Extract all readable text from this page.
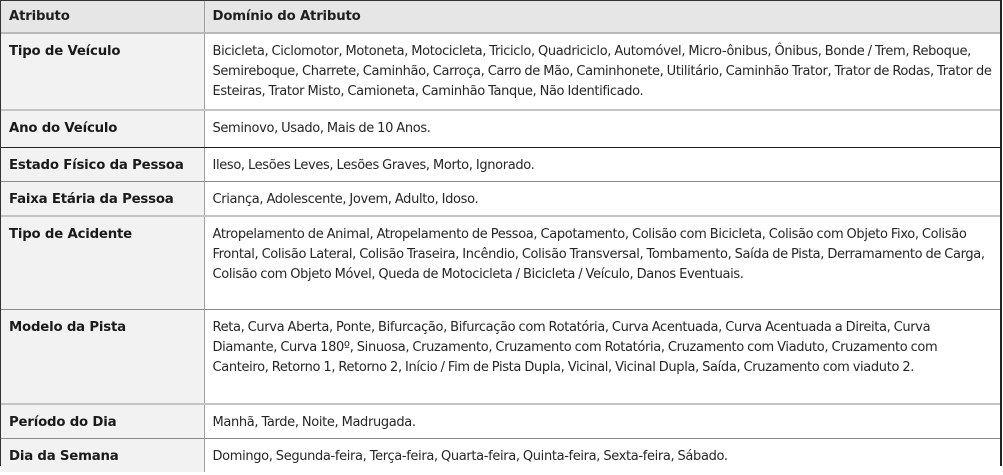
Atributo	Domínio do Atributo
Tipo de Veículo	Bicicleta, Ciclomotor, Motoneta, Motocicleta, Triciclo, Quadriciclo, Automóvel, Micro-ônibus, Ônibus, Bonde / Trem, Reboque, Semireboque, Charrete, Caminhão, Carroça, Carro de Mão, Caminhonete, Utilitário, Caminhão Trator, Trator de Rodas, Trator de Esteiras, Trator Misto, Camioneta, Caminhão Tanque, Não Identificado.
Ano do Veículo	Seminovo, Usado, Mais de 10 Anos.
Estado Físico da Pessoa	Ileso, Lesões Leves, Lesões Graves, Morto, Ignorado.
Faixa Etária da Pessoa	Criança, Adolescente, Jovem, Adulto, Idoso.
Tipo de Acidente	Atropelamento de Animal, Atropelamento de Pessoa, Capotamento, Colisão com Bicicleta, Colisão com Objeto Fixo, Colisão Frontal, Colisão Lateral, Colisão Traseira, Incêndio, Colisão Transversal, Tombamento, Saída de Pista, Derramamento de Carga, Colisão com Objeto Móvel, Queda de Motocicleta / Bicicleta / Veículo, Danos Eventuais.
Modelo da Pista	Reta, Curva Aberta, Ponte, Bifurcação, Bifurcação com Rotatória, Curva Acentuada, Curva Acentuada a Direita, Curva Diamante, Curva 180º, Sinuosa, Cruzamento, Cruzamento com Rotatória, Cruzamento com Viaduto, Cruzamento com Canteiro, Retorno 1, Retorno 2, Início / Fim de Pista Dupla, Vicinal, Vicinal Dupla, Saída, Cruzamento com viaduto 2.
Período do Dia	Manhã, Tarde, Noite, Madrugada.
Dia da Semana	Domingo, Segunda-feira, Terça-feira, Quarta-feira, Quinta-feira, Sexta-feira, Sábado.
